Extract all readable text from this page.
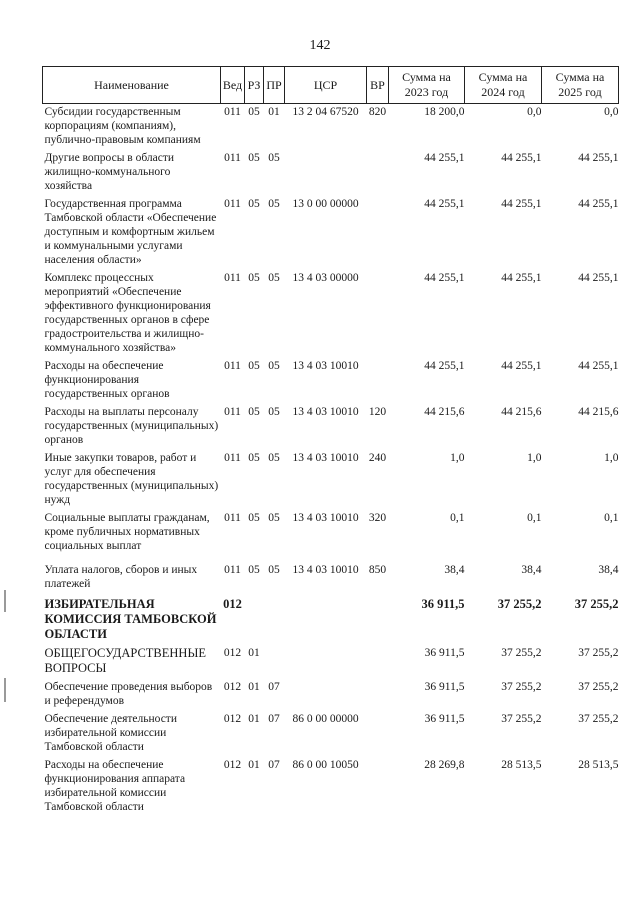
142
Наименование	Вед	РЗ	ПР	ЦСР	ВР	Сумма на 2023 год	Сумма на 2024 год	Сумма на 2025 год

Субсидии государственным корпорациям (компаниям), публично-правовым компаниям	011	05	01	13 2 04 67520	820	18 200,0	0,0	0,0

Другие вопросы в области жилищно-коммунального хозяйства	011	05	05			44 255,1	44 255,1	44 255,1

Государственная программа Тамбовской области «Обеспечение доступным и комфортным жильем и коммунальными услугами населения области»	011	05	05	13 0 00 00000		44 255,1	44 255,1	44 255,1

Комплекс процессных мероприятий «Обеспечение эффективного функционирования государственных органов в сфере градостроительства и жилищно-коммунального хозяйства»	011	05	05	13 4 03 00000		44 255,1	44 255,1	44 255,1

Расходы на обеспечение функционирования государственных органов	011	05	05	13 4 03 10010		44 255,1	44 255,1	44 255,1

Расходы на выплаты персоналу государственных (муниципальных) органов	011	05	05	13 4 03 10010	120	44 215,6	44 215,6	44 215,6

Иные закупки товаров, работ и услуг для обеспечения государственных (муниципальных) нужд	011	05	05	13 4 03 10010	240	1,0	1,0	1,0

Социальные выплаты гражданам, кроме публичных нормативных социальных выплат	011	05	05	13 4 03 10010	320	0,1	0,1	0,1

Уплата налогов, сборов и иных платежей	011	05	05	13 4 03 10010	850	38,4	38,4	38,4

ИЗБИРАТЕЛЬНАЯ КОМИССИЯ ТАМБОВСКОЙ ОБЛАСТИ	012					36 911,5	37 255,2	37 255,2

ОБЩЕГОСУДАРСТВЕННЫЕ ВОПРОСЫ	012	01				36 911,5	37 255,2	37 255,2

Обеспечение проведения выборов и референдумов	012	01	07			36 911,5	37 255,2	37 255,2

Обеспечение деятельности избирательной комиссии Тамбовской области	012	01	07	86 0 00 00000		36 911,5	37 255,2	37 255,2

Расходы на обеспечение функционирования аппарата избирательной комиссии Тамбовской области	012	01	07	86 0 00 10050		28 269,8	28 513,5	28 513,5
